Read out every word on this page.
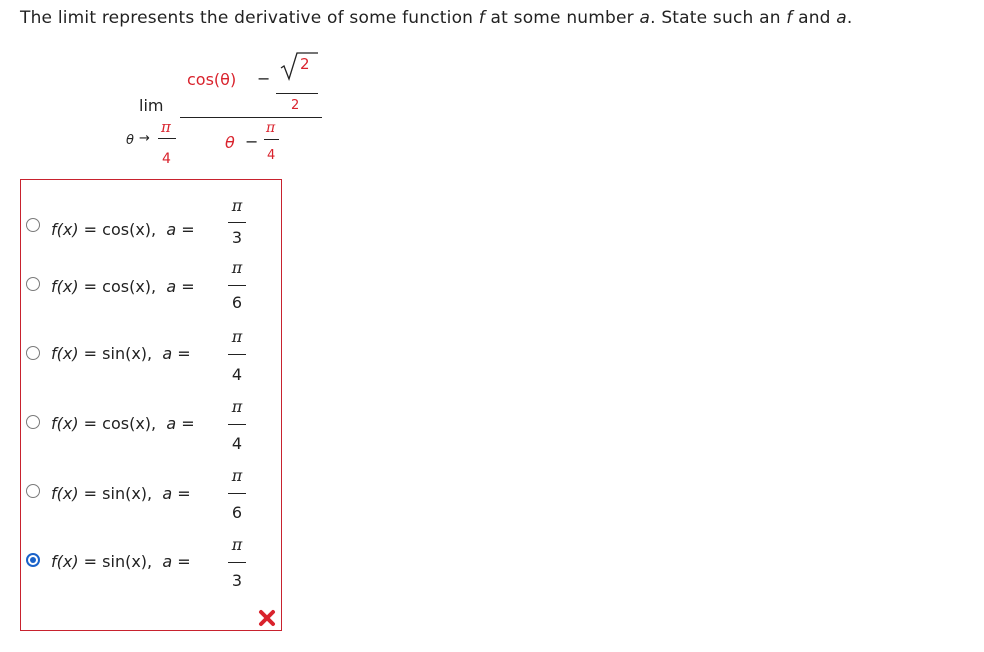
The limit represents the derivative of some function f at some number a. State such an f and a.
lim
θ →
π
4
cos(θ) −
2
2
θ −
π
4
f(x) = cos(x), a =
π
3
f(x) = cos(x), a =
π
6
f(x) = sin(x), a =
π
4
f(x) = cos(x), a =
π
4
f(x) = sin(x), a =
π
6
f(x) = sin(x), a =
π
3
